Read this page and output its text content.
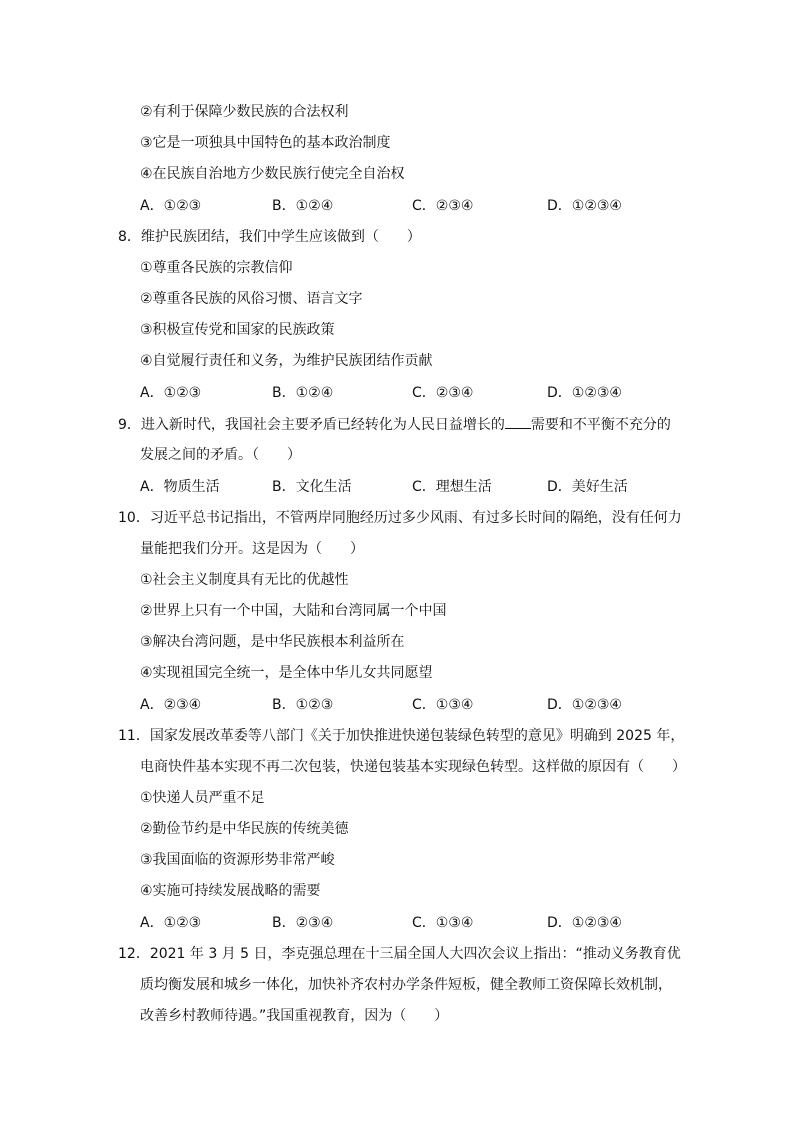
②有利于保障少数民族的合法权利
③它是一项独具中国特色的基本政治制度
④在民族自治地方少数民族行使完全自治权
A．①②③	B．①②④	C．②③④	D．①②③④
8．维护民族团结，我们中学生应该做到（　　）
①尊重各民族的宗教信仰
②尊重各民族的风俗习惯、语言文字
③积极宣传党和国家的民族政策
④自觉履行责任和义务，为维护民族团结作贡献
A．①②③	B．①②④	C．②③④	D．①②③④
9．进入新时代，我国社会主要矛盾已经转化为人民日益增长的 需要和不平衡不充分的
发展之间的矛盾。（　　）
A．物质生活	B．文化生活	C．理想生活	D．美好生活
10．习近平总书记指出，不管两岸同胞经历过多少风雨、有过多长时间的隔绝，没有任何力
量能把我们分开。这是因为（　　）
①社会主义制度具有无比的优越性
②世界上只有一个中国，大陆和台湾同属一个中国
③解决台湾问题，是中华民族根本利益所在
④实现祖国完全统一，是全体中华儿女共同愿望
A．②③④	B．①②③	C．①③④	D．①②③④
11．国家发展改革委等八部门《关于加快推进快递包装绿色转型的意见》明确到 2025 年，
电商快件基本实现不再二次包装，快递包装基本实现绿色转型。这样做的原因有（　　）
①快递人员严重不足
②勤俭节约是中华民族的传统美德
③我国面临的资源形势非常严峻
④实施可持续发展战略的需要
A．①②③	B．②③④	C．①③④	D．①②③④
12．2021 年 3 月 5 日，李克强总理在十三届全国人大四次会议上指出：“推动义务教育优
质均衡发展和城乡一体化，加快补齐农村办学条件短板，健全教师工资保障长效机制，
改善乡村教师待遇。”我国重视教育，因为（　　）
